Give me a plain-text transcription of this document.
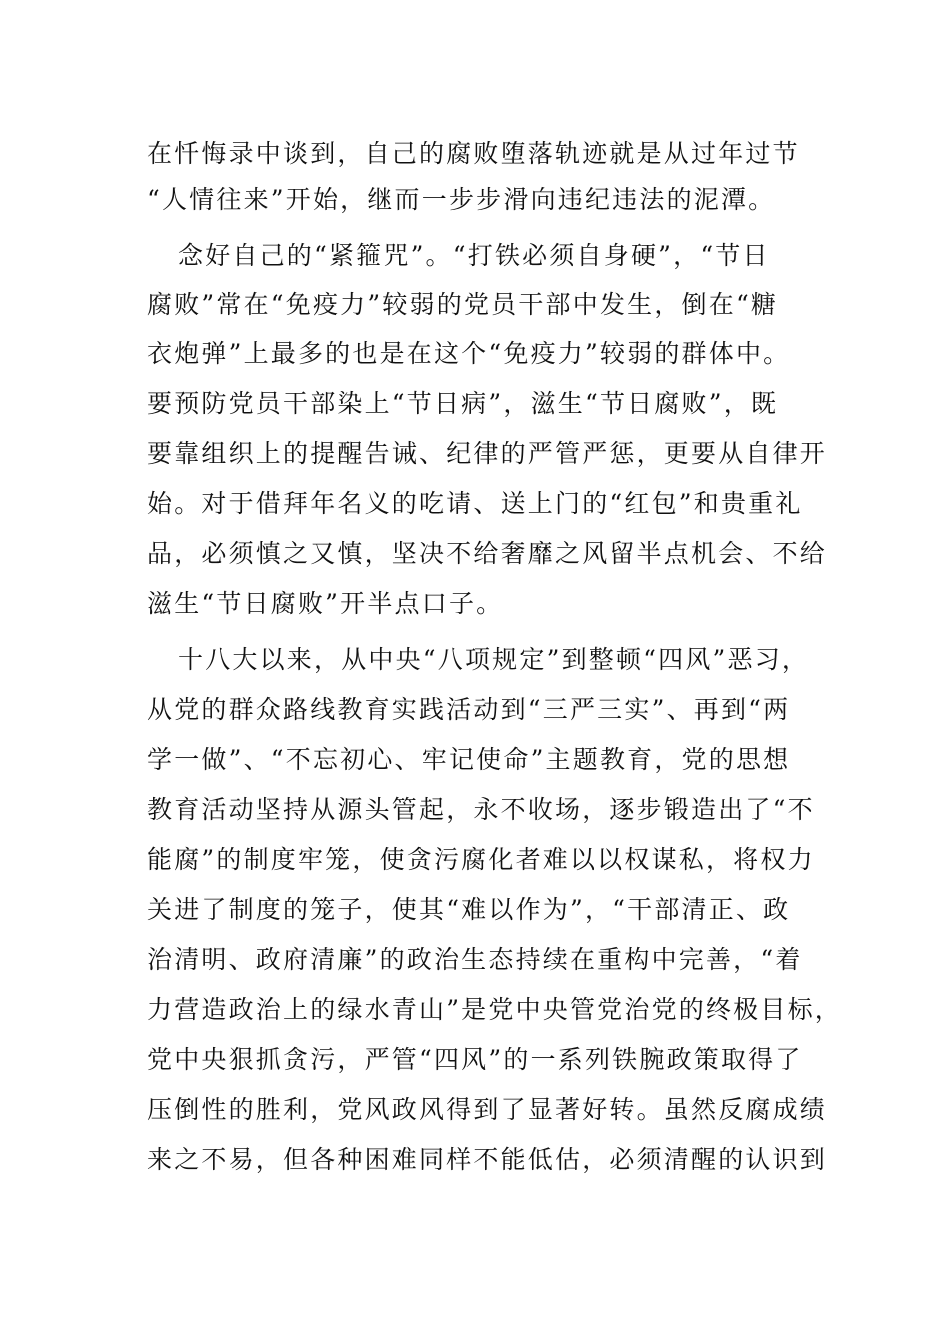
在忏悔录中谈到，自己的腐败堕落轨迹就是从过年过节
“人情往来”开始，继而一步步滑向违纪违法的泥潭。
念好自己的“紧箍咒”。“打铁必须自身硬”，“节日
腐败”常在“免疫力”较弱的党员干部中发生，倒在“糖
衣炮弹”上最多的也是在这个“免疫力”较弱的群体中。
要预防党员干部染上“节日病”，滋生“节日腐败”，既
要靠组织上的提醒告诫、纪律的严管严惩，更要从自律开
始。对于借拜年名义的吃请、送上门的“红包”和贵重礼
品，必须慎之又慎，坚决不给奢靡之风留半点机会、不给
滋生“节日腐败”开半点口子。
十八大以来，从中央“八项规定”到整顿“四风”恶习，
从党的群众路线教育实践活动到“三严三实”、再到“两
学一做”、“不忘初心、牢记使命”主题教育，党的思想
教育活动坚持从源头管起，永不收场，逐步锻造出了“不
能腐”的制度牢笼，使贪污腐化者难以以权谋私，将权力
关进了制度的笼子，使其“难以作为”，“干部清正、政
治清明、政府清廉”的政治生态持续在重构中完善，“着
力营造政治上的绿水青山”是党中央管党治党的终极目标，
党中央狠抓贪污，严管“四风”的一系列铁腕政策取得了
压倒性的胜利，党风政风得到了显著好转。虽然反腐成绩
来之不易，但各种困难同样不能低估，必须清醒的认识到
